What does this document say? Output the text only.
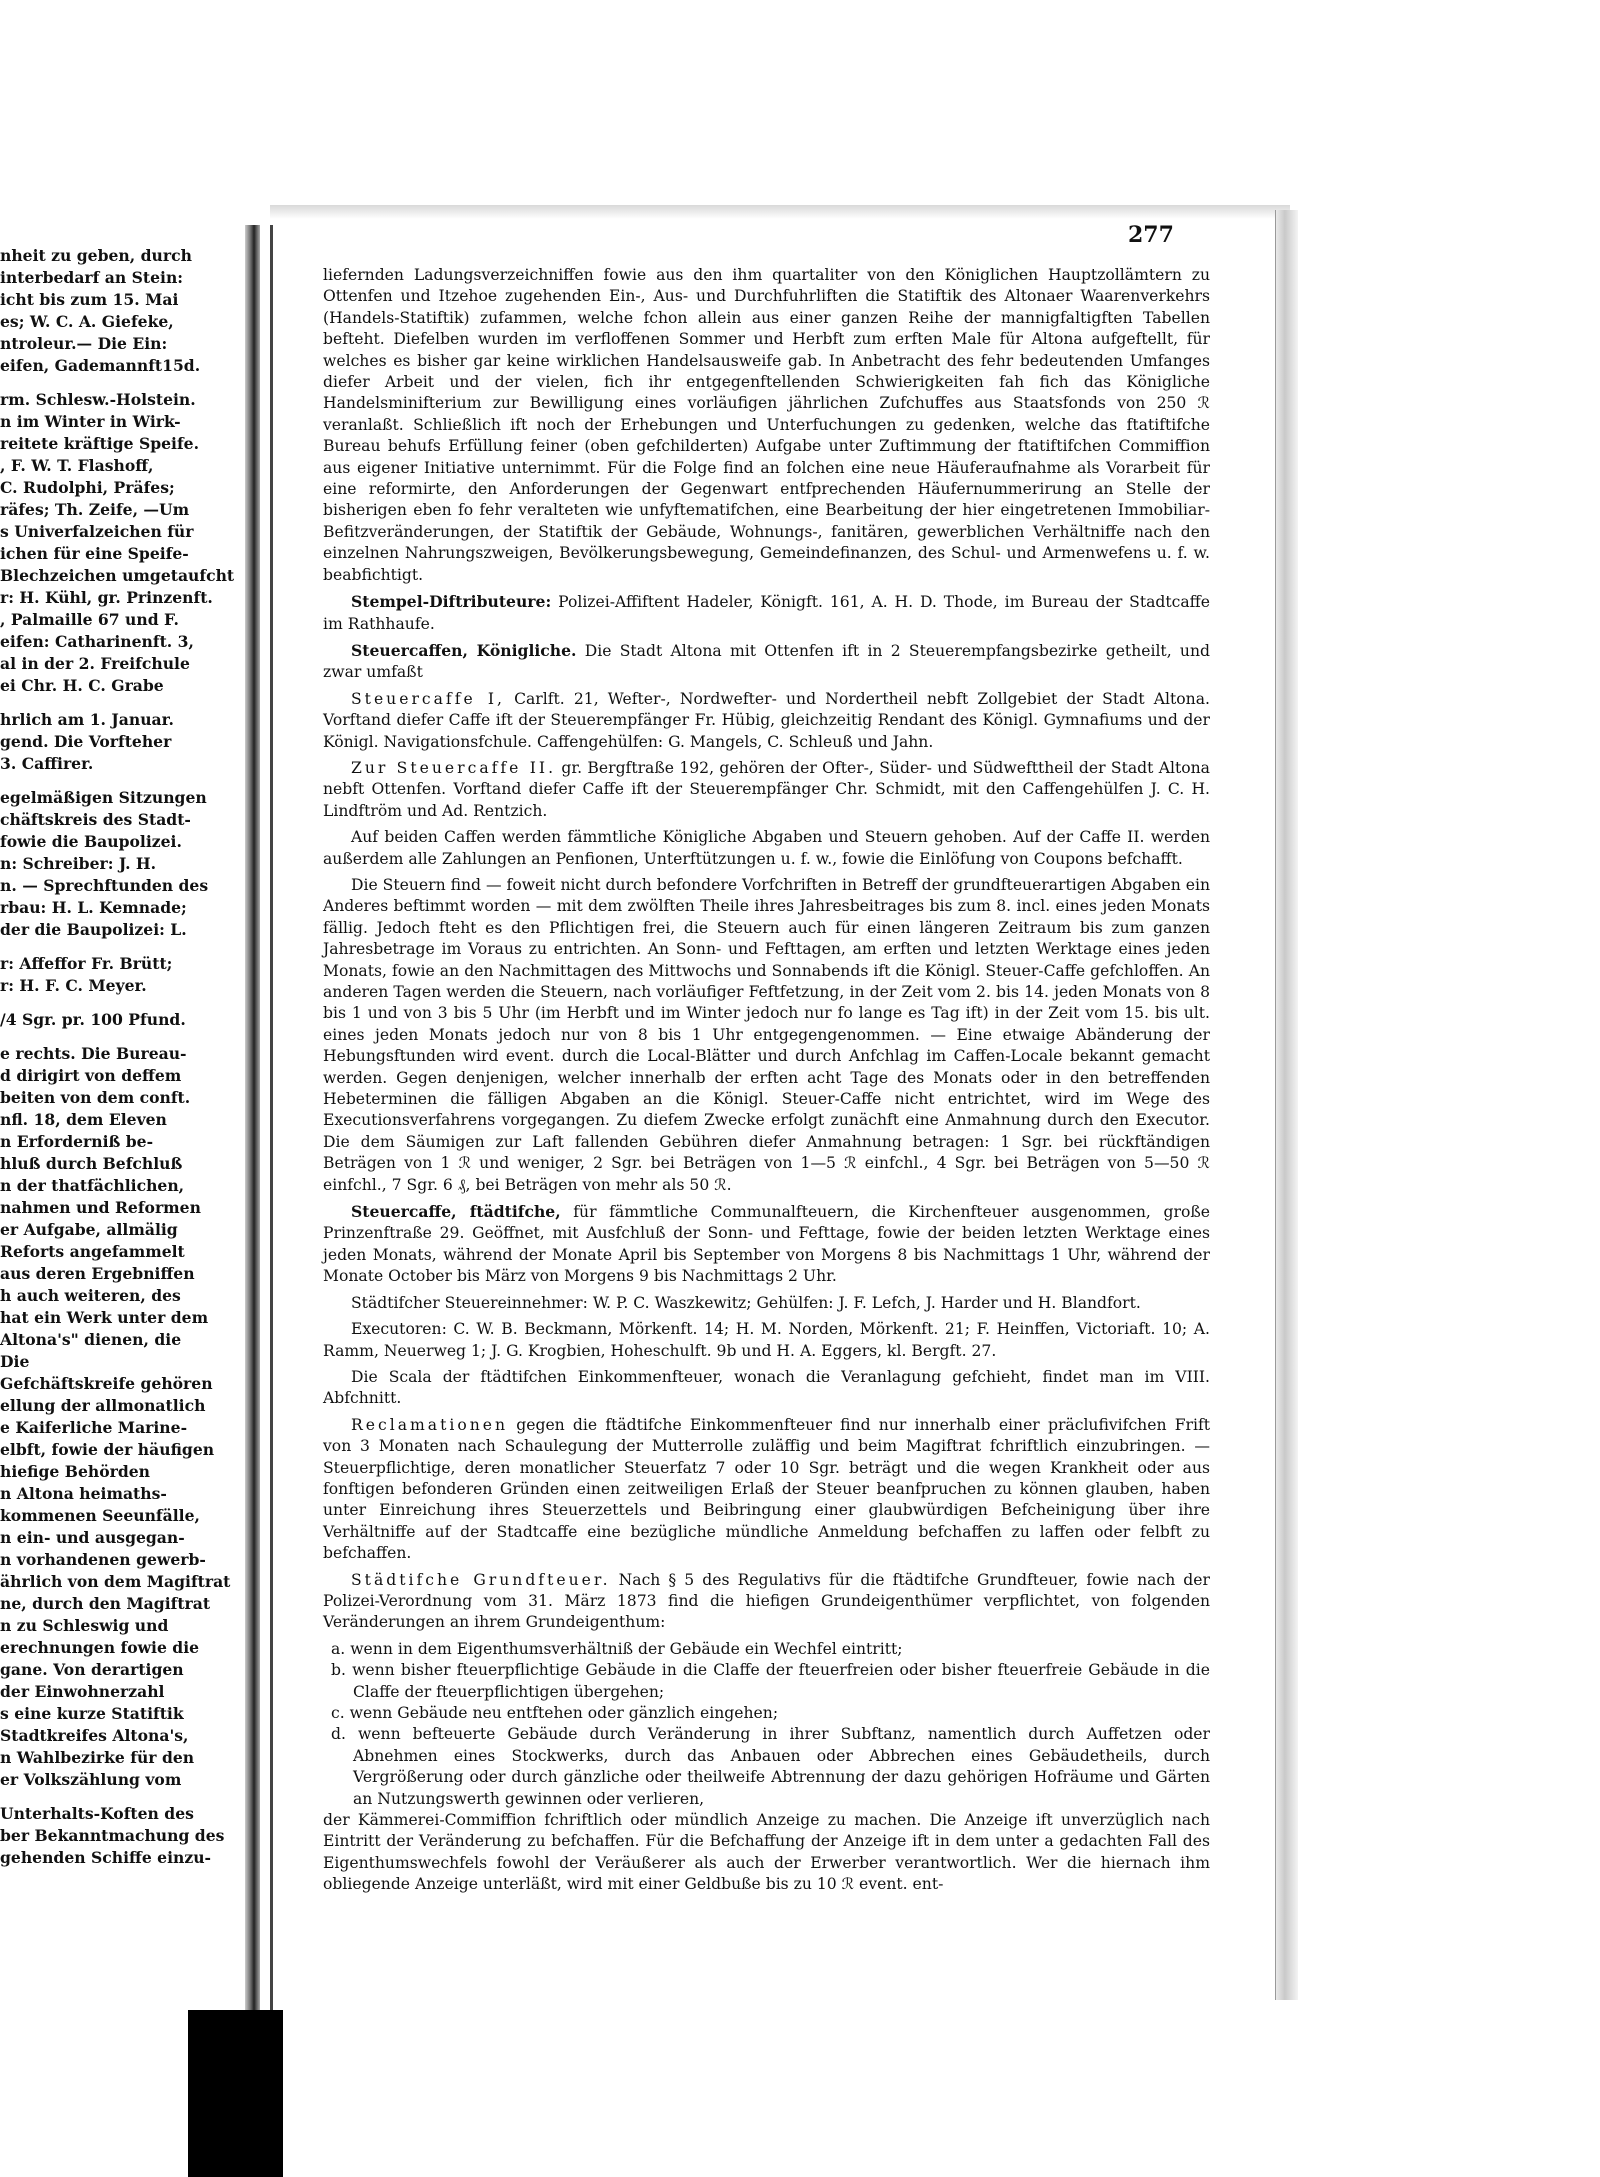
nheit zu geben, durch
interbedarf an Stein:
icht bis zum 15. Mai
es; W. C. A. Giefeke,
ntroleur.— Die Ein:
eifen, Gademannft15d.
rm. Schlesw.-Holstein.
n im Winter in Wirk-
reitete kräftige Speife.
, F. W. T. Flashoff,
C. Rudolphi, Präfes;
räfes; Th. Zeife, —Um
s Univerfalzeichen für
ichen für eine Speife-
Blechzeichen umgetaufcht
r: H. Kühl, gr. Prinzenft.
, Palmaille 67 und F.
eifen: Catharinenft. 3,
al in der 2. Freifchule
ei Chr. H. C. Grabe
hrlich am 1. Januar.
gend. Die Vorfteher
3. Caffirer.
egelmäßigen Sitzungen
chäftskreis des Stadt-
fowie die Baupolizei.
n: Schreiber: J. H.
n. — Sprechftunden des
rbau: H. L. Kemnade;
der die Baupolizei: L.
r: Affeffor Fr. Brütt;
r: H. F. C. Meyer.
/4 Sgr. pr. 100 Pfund.
e rechts. Die Bureau-
d dirigirt von deffem
beiten von dem conft.
nfl. 18, dem Eleven
n Erforderniß be-
hluß durch Befchluß
n der thatfächlichen,
nahmen und Reformen
er Aufgabe, allmälig
Reforts angefammelt
aus deren Ergebniffen
h auch weiteren, des
hat ein Werk unter dem
Altona's" dienen, die
Die
Gefchäftskreife gehören
ellung der allmonatlich
e Kaiferliche Marine-
elbft, fowie der häufigen
hiefige Behörden
n Altona heimaths-
kommenen Seeunfälle,
n ein- und ausgegan-
n vorhandenen gewerb-
ährlich von dem Magiftrat
ne, durch den Magiftrat
n zu Schleswig und
erechnungen fowie die
gane. Von derartigen
der Einwohnerzahl
s eine kurze Statiftik
Stadtkreifes Altona's,
n Wahlbezirke für den
er Volkszählung vom
Unterhalts-Koften des
ber Bekanntmachung des
gehenden Schiffe einzu-
277

liefernden Ladungsverzeichniffen fowie aus den ihm quartaliter von den Königlichen Hauptzollämtern zu Ottenfen und Itzehoe zugehenden Ein-, Aus- und Durchfuhrliften die Statiftik des Altonaer Waarenverkehrs (Handels-Statiftik) zufammen, welche fchon allein aus einer ganzen Reihe der mannigfaltigften Tabellen befteht. Diefelben wurden im verfloffenen Sommer und Herbft zum erften Male für Altona aufgeftellt, für welches es bisher gar keine wirklichen Handelsausweife gab. In Anbetracht des fehr bedeutenden Umfanges diefer Arbeit und der vielen, fich ihr entgegenftellenden Schwierigkeiten fah fich das Königliche Handelsminifterium zur Bewilligung eines vorläufigen jährlichen Zufchuffes aus Staatsfonds von 250 ℛ veranlaßt. Schließlich ift noch der Erhebungen und Unterfuchungen zu gedenken, welche das ftatiftifche Bureau behufs Erfüllung feiner (oben gefchilderten) Aufgabe unter Zuftimmung der ftatiftifchen Commiffion aus eigener Initiative unternimmt. Für die Folge find an folchen eine neue Häuferaufnahme als Vorarbeit für eine reformirte, den Anforderungen der Gegenwart entfprechenden Häufernummerirung an Stelle der bisherigen eben fo fehr veralteten wie unfyftematifchen, eine Bearbeitung der hier eingetretenen Immobiliar-Befitzveränderungen, der Statiftik der Gebäude, Wohnungs-, fanitären, gewerblichen Verhältniffe nach den einzelnen Nahrungszweigen, Bevölkerungsbewegung, Gemeindefinanzen, des Schul- und Armenwefens u. f. w. beabfichtigt.

Stempel-Diftributeure: Polizei-Affiftent Hadeler, Königft. 161, A. H. D. Thode, im Bureau der Stadtcaffe im Rathhaufe.

Steuercaffen, Königliche. Die Stadt Altona mit Ottenfen ift in 2 Steuerempfangsbezirke getheilt, und zwar umfaßt

Steuercaffe I, Carlft. 21, Wefter-, Nordwefter- und Nordertheil nebft Zollgebiet der Stadt Altona. Vorftand diefer Caffe ift der Steuerempfänger Fr. Hübig, gleichzeitig Rendant des Königl. Gymnafiums und der Königl. Navigationsfchule. Caffengehülfen: G. Mangels, C. Schleuß und Jahn.

Zur Steuercaffe II. gr. Bergftraße 192, gehören der Ofter-, Süder- und Südwefttheil der Stadt Altona nebft Ottenfen. Vorftand diefer Caffe ift der Steuerempfänger Chr. Schmidt, mit den Caffengehülfen J. C. H. Lindftröm und Ad. Rentzich.

Auf beiden Caffen werden fämmtliche Königliche Abgaben und Steuern gehoben. Auf der Caffe II. werden außerdem alle Zahlungen an Penfionen, Unterftützungen u. f. w., fowie die Einlöfung von Coupons befchafft.

Die Steuern find — foweit nicht durch befondere Vorfchriften in Betreff der grundfteuerartigen Abgaben ein Anderes beftimmt worden — mit dem zwölften Theile ihres Jahresbeitrages bis zum 8. incl. eines jeden Monats fällig. Jedoch fteht es den Pflichtigen frei, die Steuern auch für einen längeren Zeitraum bis zum ganzen Jahresbetrage im Voraus zu entrichten. An Sonn- und Fefttagen, am erften und letzten Werktage eines jeden Monats, fowie an den Nachmittagen des Mittwochs und Sonnabends ift die Königl. Steuer-Caffe gefchloffen. An anderen Tagen werden die Steuern, nach vorläufiger Feftfetzung, in der Zeit vom 2. bis 14. jeden Monats von 8 bis 1 und von 3 bis 5 Uhr (im Herbft und im Winter jedoch nur fo lange es Tag ift) in der Zeit vom 15. bis ult. eines jeden Monats jedoch nur von 8 bis 1 Uhr entgegengenommen. — Eine etwaige Abänderung der Hebungsftunden wird event. durch die Local-Blätter und durch Anfchlag im Caffen-Locale bekannt gemacht werden. Gegen denjenigen, welcher innerhalb der erften acht Tage des Monats oder in den betreffenden Hebeterminen die fälligen Abgaben an die Königl. Steuer-Caffe nicht entrichtet, wird im Wege des Executionsverfahrens vorgegangen. Zu diefem Zwecke erfolgt zunächft eine Anmahnung durch den Executor. Die dem Säumigen zur Laft fallenden Gebühren diefer Anmahnung betragen: 1 Sgr. bei rückftändigen Beträgen von 1 ℛ und weniger, 2 Sgr. bei Beträgen von 1—5 ℛ einfchl., 4 Sgr. bei Beträgen von 5—50 ℛ einfchl., 7 Sgr. 6 ₰, bei Beträgen von mehr als 50 ℛ.

Steuercaffe, ftädtifche, für fämmtliche Communalfteuern, die Kirchenfteuer ausgenommen, große Prinzenftraße 29. Geöffnet, mit Ausfchluß der Sonn- und Fefttage, fowie der beiden letzten Werktage eines jeden Monats, während der Monate April bis September von Morgens 8 bis Nachmittags 1 Uhr, während der Monate October bis März von Morgens 9 bis Nachmittags 2 Uhr.

Städtifcher Steuereinnehmer: W. P. C. Waszkewitz; Gehülfen: J. F. Lefch, J. Harder und H. Blandfort.

Executoren: C. W. B. Beckmann, Mörkenft. 14; H. M. Norden, Mörkenft. 21; F. Heinffen, Victoriaft. 10; A. Ramm, Neuerweg 1; J. G. Krogbien, Hoheschulft. 9b und H. A. Eggers, kl. Bergft. 27.

Die Scala der ftädtifchen Einkommenfteuer, wonach die Veranlagung gefchieht, findet man im VIII. Abfchnitt.

Reclamationen gegen die ftädtifche Einkommenfteuer find nur innerhalb einer präclufivifchen Frift von 3 Monaten nach Schaulegung der Mutterrolle zuläffig und beim Magiftrat fchriftlich einzubringen. — Steuerpflichtige, deren monatlicher Steuerfatz 7 oder 10 Sgr. beträgt und die wegen Krankheit oder aus fonftigen befonderen Gründen einen zeitweiligen Erlaß der Steuer beanfpruchen zu können glauben, haben unter Einreichung ihres Steuerzettels und Beibringung einer glaubwürdigen Befcheinigung über ihre Verhältniffe auf der Stadtcaffe eine bezügliche mündliche Anmeldung befchaffen zu laffen oder felbft zu befchaffen.

Städtifche Grundfteuer. Nach § 5 des Regulativs für die ftädtifche Grundfteuer, fowie nach der Polizei-Verordnung vom 31. März 1873 find die hiefigen Grundeigenthümer verpflichtet, von folgenden Veränderungen an ihrem Grundeigenthum:

a. wenn in dem Eigenthumsverhältniß der Gebäude ein Wechfel eintritt;
b. wenn bisher fteuerpflichtige Gebäude in die Claffe der fteuerfreien oder bisher fteuerfreie Gebäude in die Claffe der fteuerpflichtigen übergehen;
c. wenn Gebäude neu entftehen oder gänzlich eingehen;
d. wenn befteuerte Gebäude durch Veränderung in ihrer Subftanz, namentlich durch Auffetzen oder Abnehmen eines Stockwerks, durch das Anbauen oder Abbrechen eines Gebäudetheils, durch Vergrößerung oder durch gänzliche oder theilweife Abtrennung der dazu gehörigen Hofräume und Gärten an Nutzungswerth gewinnen oder verlieren,

der Kämmerei-Commiffion fchriftlich oder mündlich Anzeige zu machen. Die Anzeige ift unverzüglich nach Eintritt der Veränderung zu befchaffen. Für die Befchaffung der Anzeige ift in dem unter a gedachten Fall des Eigenthumswechfels fowohl der Veräußerer als auch der Erwerber verantwortlich. Wer die hiernach ihm obliegende Anzeige unterläßt, wird mit einer Geldbuße bis zu 10 ℛ event. ent-
